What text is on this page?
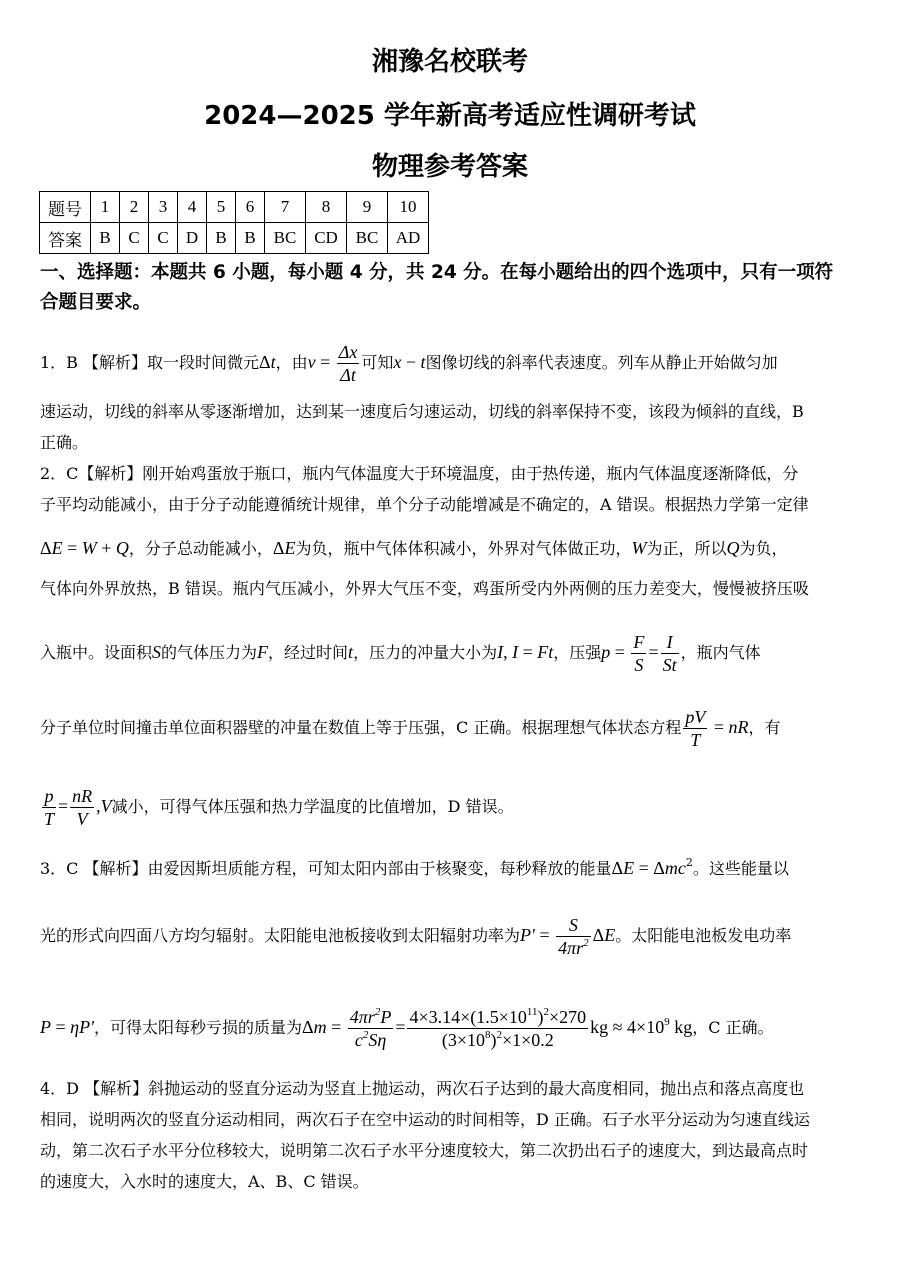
湘豫名校联考
2024—2025 学年新高考适应性调研考试
物理参考答案
题号	1	2	3	4	5	6	7	8	9	10
答案	B	C	C	D	B	B	BC	CD	BC	AD
一、选择题：本题共 6 小题，每小题 4 分，共 24 分。在每小题给出的四个选项中，只有一项符
合题目要求。
1．B 【解析】取一段时间微元Δt，由$v = \frac{\Delta x}{\Delta t}$ 可知x − t图像切线的斜率代表速度。列车从静止开始做匀加
速运动，切线的斜率从零逐渐增加，达到某一速度后匀速运动，切线的斜率保持不变，该段为倾斜的直线，B
正确。
2．C【解析】刚开始鸡蛋放于瓶口，瓶内气体温度大于环境温度，由于热传递，瓶内气体温度逐渐降低，分
子平均动能减小，由于分子动能遵循统计规律，单个分子动能增减是不确定的，A 错误。根据热力学第一定律
ΔE = W + Q，分子总动能减小，ΔE为负，瓶中气体体积减小，外界对气体做正功，W为正，所以Q为负，
气体向外界放热，B 错误。瓶内气压减小，外界大气压不变，鸡蛋所受内外两侧的压力差变大，慢慢被挤压吸
入瓶中。设面积S的气体压力为F，经过时间t，压力的冲量大小为I, I = Ft，压强$p = \frac{F}{S} = \frac{I}{St}$ ，瓶内气体
分子单位时间撞击单位面积器壁的冲量在数值上等于压强，C 正确。根据理想气体状态方程 $\frac{pV}{T}$ = nR，有
$\frac{p}{T} = \frac{nR}{V} ,V$减小，可得气体压强和热力学温度的比值增加，D 错误。
3．C 【解析】由爱因斯坦质能方程，可知太阳内部由于核聚变，每秒释放的能量ΔE = Δmc$^2$。这些能量以
光的形式向四面八方均匀辐射。太阳能电池板接收到太阳辐射功率为$P' = \frac{S}{4\pi r^2}$ ΔE。太阳能电池板发电功率
P = ηP′，可得太阳每秒亏损的质量为$\Delta m = \frac{4\pi r^2P}{c^2S\eta} = \frac{4\times 3.14\times(1.5\times 10^{11})^2\times 270}{(3\times 10^8)^2\times 1\times 0.2}$ kg ≈ $4\times 10^9$ kg，C 正确。
4．D 【解析】斜抛运动的竖直分运动为竖直上抛运动，两次石子达到的最大高度相同，抛出点和落点高度也
相同，说明两次的竖直分运动相同，两次石子在空中运动的时间相等，D 正确。石子水平分运动为匀速直线运
动，第二次石子水平分位移较大，说明第二次石子水平分速度较大，第二次扔出石子的速度大，到达最高点时
的速度大，入水时的速度大，A、B、C 错误。
